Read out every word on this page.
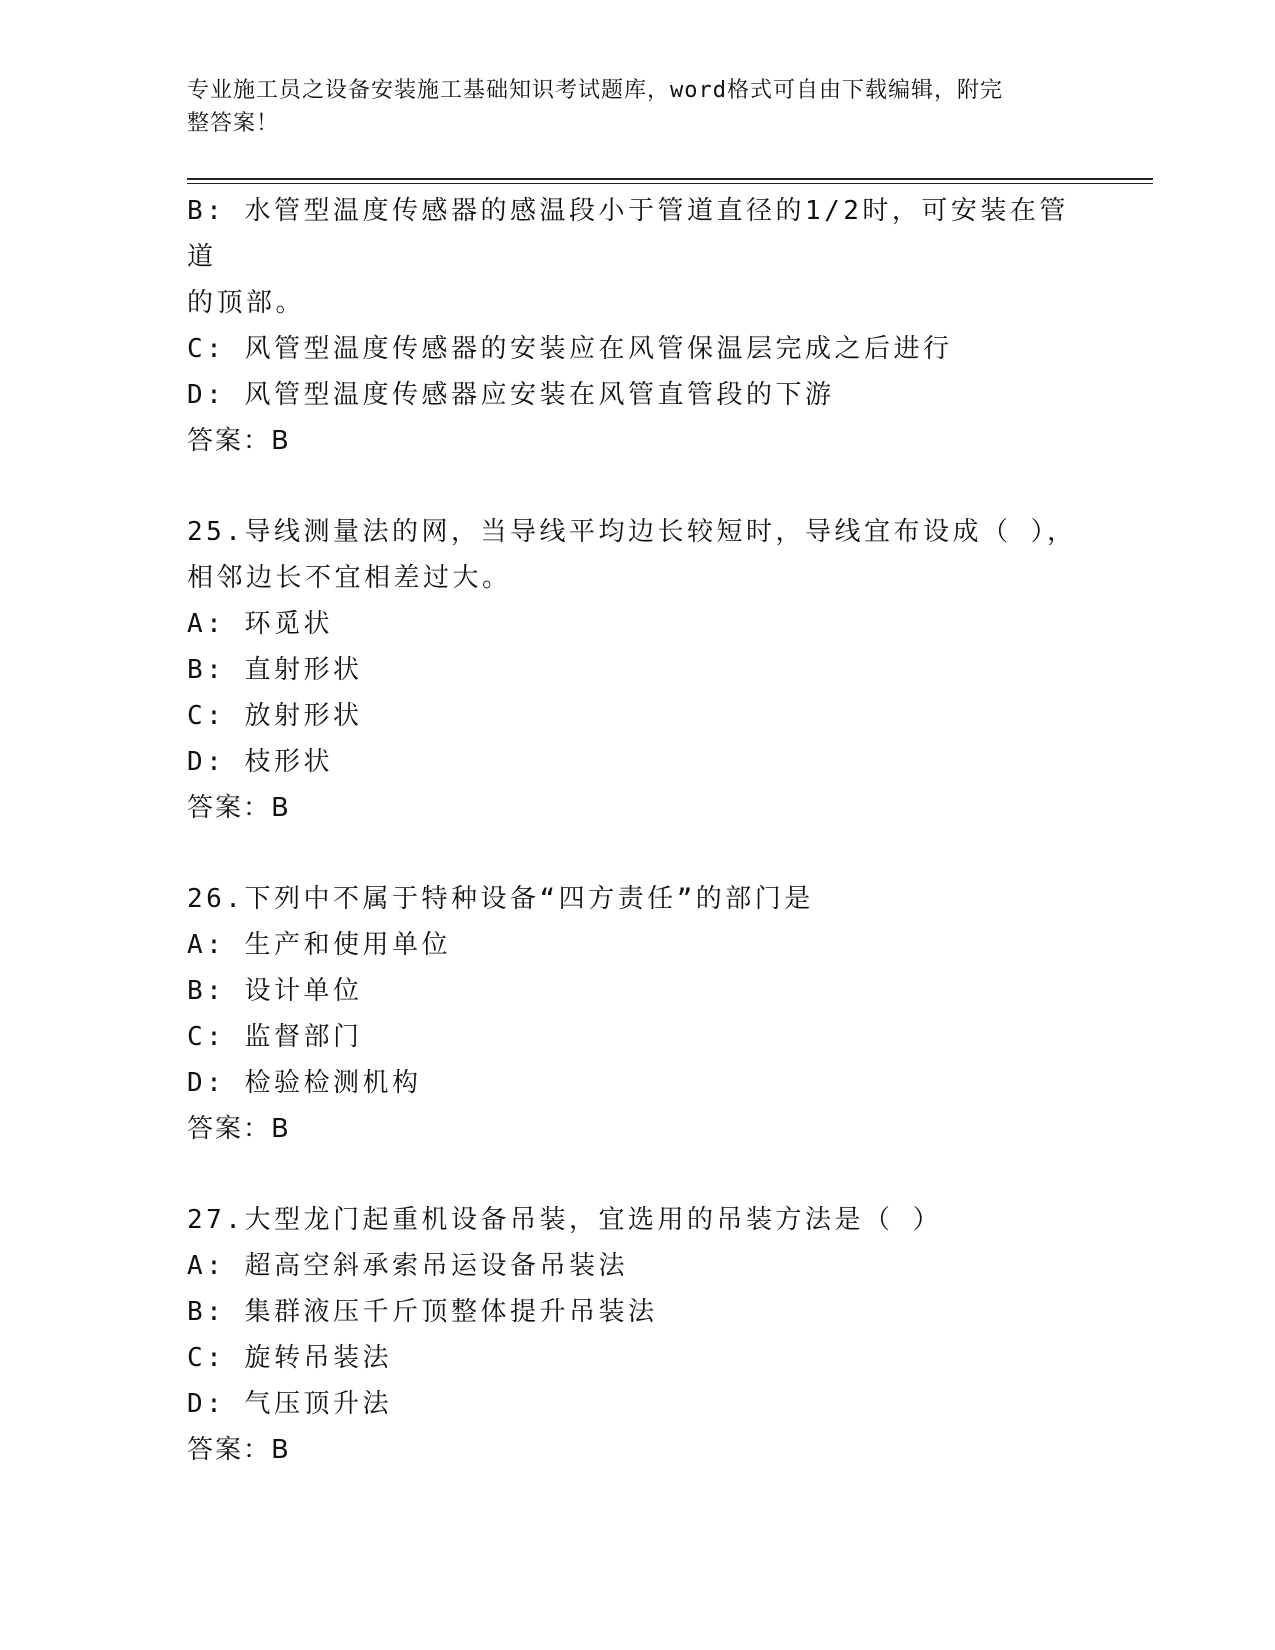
专业施工员之设备安装施工基础知识考试题库，word格式可自由下载编辑，附完
整答案！
B: 水管型温度传感器的感温段小于管道直径的1/2时，可安装在管道
的顶部。
C: 风管型温度传感器的安装应在风管保温层完成之后进行
D: 风管型温度传感器应安装在风管直管段的下游
答案：B
25.导线测量法的网，当导线平均边长较短时，导线宜布设成（ ），
相邻边长不宜相差过大。
A: 环觅状
B: 直射形状
C: 放射形状
D: 枝形状
答案：B
26.下列中不属于特种设备“四方责任”的部门是
A: 生产和使用单位
B: 设计单位
C: 监督部门
D: 检验检测机构
答案：B
27.大型龙门起重机设备吊装，宜选用的吊装方法是（ ）
A: 超高空斜承索吊运设备吊装法
B: 集群液压千斤顶整体提升吊装法
C: 旋转吊装法
D: 气压顶升法
答案：B
